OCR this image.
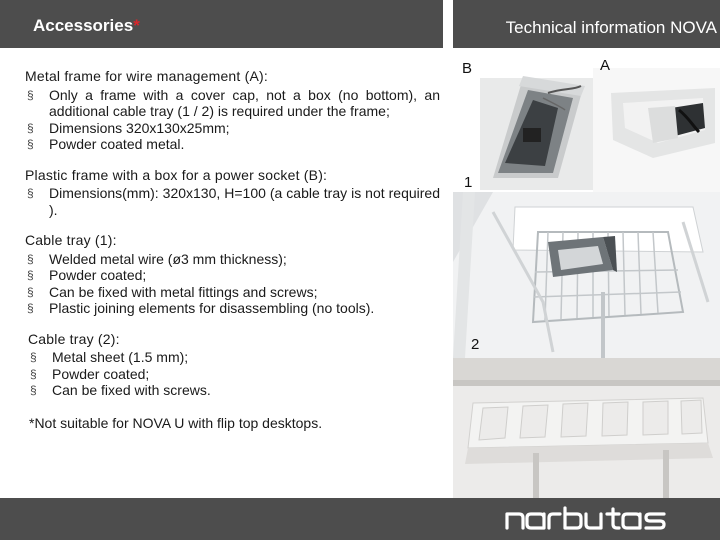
Accessories*	Technical information NOVA
Metal frame for wire management (A):
§ Only a frame with a cover cap, not a box (no bottom), an additional cable tray (1 / 2) is required under the frame;
§ Dimensions 320x130x25mm;
§ Powder coated metal.
Plastic frame with a box for a power socket (B):
§ Dimensions(mm): 320x130, H=100 (a cable tray is not required ).
Cable tray (1):
§ Welded metal wire (ø3 mm thickness);
§ Powder coated;
§ Can be fixed with metal fittings and screws;
§ Plastic joining elements for disassembling (no tools).
Cable tray (2):
§ Metal sheet (1.5 mm);
§ Powder coated;
§ Can be fixed with screws.
*Not suitable for NOVA U with flip top desktops.
B	A
1
2
